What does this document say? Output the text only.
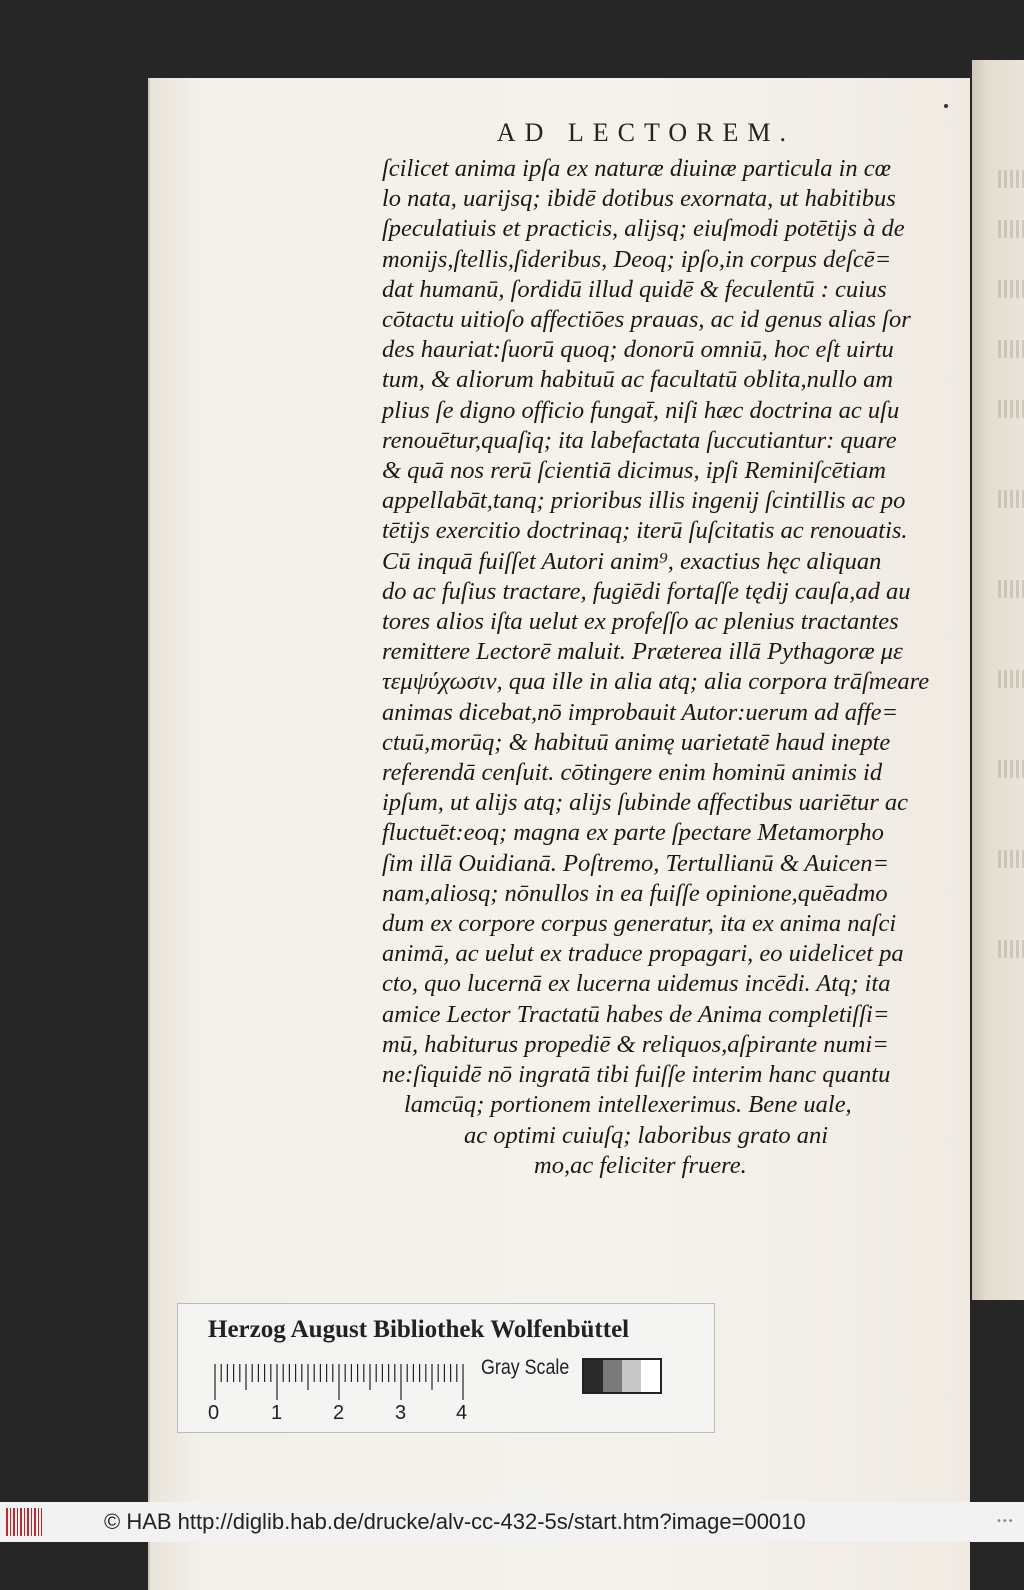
AD LECTOREM.
ſcilicet anima ipſa ex naturæ diuinæ particula in cœ
lo nata, uarijsq; ibidē dotibus exornata, ut habitibus
ſpeculatiuis et practicis, alijsq; eiuſmodi potētijs à de
monijs,ſtellis,ſideribus, Deoq; ipſo,in corpus deſcē=
dat humanū, ſordidū illud quidē & feculentū : cuius
cōtactu uitioſo affectiōes prauas, ac id genus alias ſor
des hauriat:ſuorū quoq; donorū omniū, hoc eſt uirtu
tum, & aliorum habituū ac facultatū oblita,nullo am
plius ſe digno officio fungat̄, niſi hæc doctrina ac uſu
renouētur,quaſiq; ita labefactata ſuccutiantur: quare
& quā nos rerū ſcientiā dicimus, ipſi Reminiſcētiam
appellabāt,tanq; prioribus illis ingenij ſcintillis ac po
tētijs exercitio doctrinaq; iterū ſuſcitatis ac renouatis.
Cū inquā fuiſſet Autori anim⁹, exactius hęc aliquan
do ac fuſius tractare, fugiēdi fortaſſe tędij cauſa,ad au
tores alios iſta uelut ex profeſſo ac plenius tractantes
remittere Lectorē maluit. Præterea illā Pythagoræ με
τεμψύχωσιν, qua ille in alia atq; alia corpora trāſmeare
animas dicebat,nō improbauit Autor:uerum ad affe=
ctuū,morūq; & habituū animę uarietatē haud inepte
referendā cenſuit. cōtingere enim hominū animis id
ipſum, ut alijs atq; alijs ſubinde affectibus uariētur ac
fluctuēt:eoq; magna ex parte ſpectare Metamorpho
ſim illā Ouidianā. Poſtremo, Tertullianū & Auicen=
nam,aliosq; nōnullos in ea fuiſſe opinione,quēadmo
dum ex corpore corpus generatur, ita ex anima naſci
animā, ac uelut ex traduce propagari, eo uidelicet pa
cto, quo lucernā ex lucerna uidemus incēdi. Atq; ita
amice Lector Tractatū habes de Anima completiſſi=
mū, habiturus propediē & reliquos,aſpirante numi=
ne:ſiquidē nō ingratā tibi fuiſſe interim hanc quantu
lamcūq; portionem intellexerimus. Bene uale,
ac optimi cuiuſq; laboribus grato ani
mo,ac feliciter fruere.
Herzog August Bibliothek Wolfenbüttel
0	1	2	3 4
Gray Scale
© HAB http://diglib.hab.de/drucke/alv-cc-432-5s/start.htm?image=00010	•••
